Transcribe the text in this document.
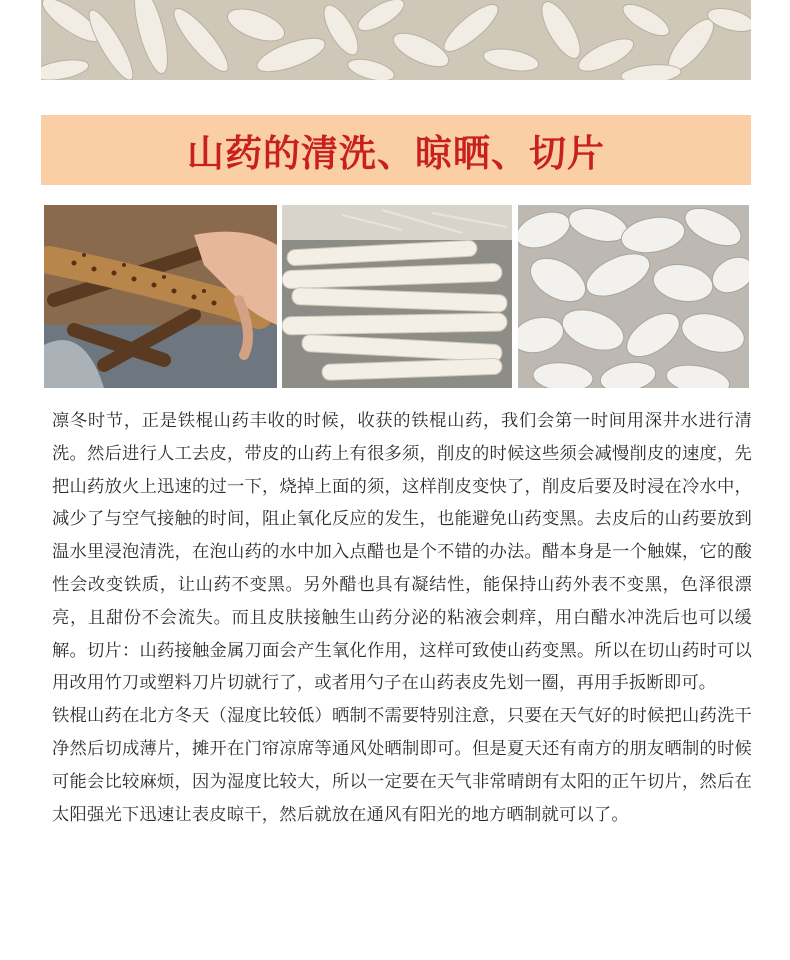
山药的清洗、晾晒、切片

凛冬时节，正是铁棍山药丰收的时候，收获的铁棍山药，我们会第一时间用深井水进行清洗。然后进行人工去皮，带皮的山药上有很多须，削皮的时候这些须会减慢削皮的速度，先把山药放火上迅速的过一下，烧掉上面的须，这样削皮变快了，削皮后要及时浸在冷水中，减少了与空气接触的时间，阻止氧化反应的发生，也能避免山药变黑。去皮后的山药要放到温水里浸泡清洗，在泡山药的水中加入点醋也是个不错的办法。醋本身是一个触媒，它的酸性会改变铁质，让山药不变黑。另外醋也具有凝结性，能保持山药外表不变黑，色泽很漂亮，且甜份不会流失。而且皮肤接触生山药分泌的粘液会刺痒，用白醋水冲洗后也可以缓解。切片：山药接触金属刀面会产生氧化作用，这样可致使山药变黑。所以在切山药时可以用改用竹刀或塑料刀片切就行了，或者用勺子在山药表皮先划一圈，再用手扳断即可。

铁棍山药在北方冬天（湿度比较低）晒制不需要特别注意，只要在天气好的时候把山药洗干净然后切成薄片，摊开在门帘凉席等通风处晒制即可。但是夏天还有南方的朋友晒制的时候可能会比较麻烦，因为湿度比较大，所以一定要在天气非常晴朗有太阳的正午切片，然后在太阳强光下迅速让表皮晾干，然后就放在通风有阳光的地方晒制就可以了。
